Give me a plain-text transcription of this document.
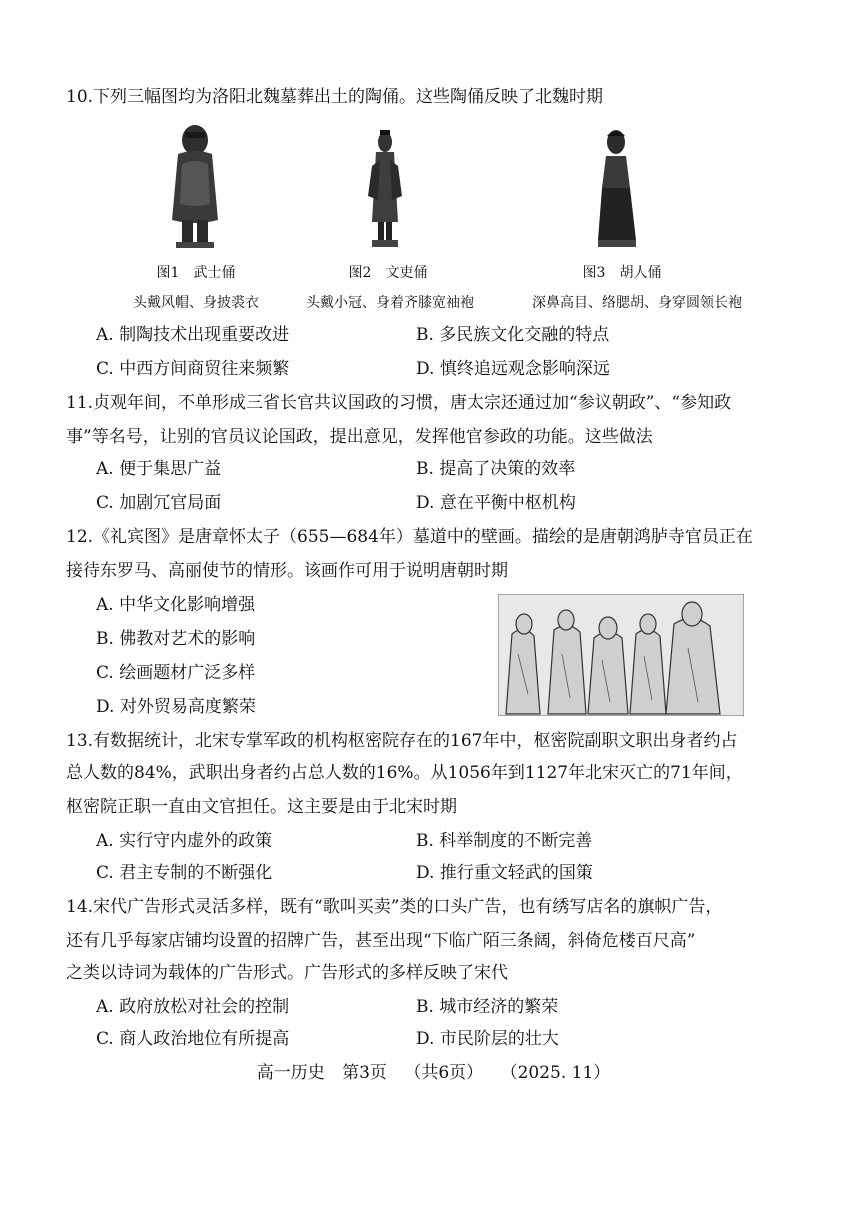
10.下列三幅图均为洛阳北魏墓葬出土的陶俑。这些陶俑反映了北魏时期
图1　武士俑	图2　文吏俑	图3　胡人俑
头戴风帽、身披裘衣	头戴小冠、身着齐膝宽袖袍	深鼻高目、络腮胡、身穿圆领长袍
A. 制陶技术出现重要改进	B. 多民族文化交融的特点
C. 中西方间商贸往来频繁	D. 慎终追远观念影响深远
11.贞观年间，不单形成三省长官共议国政的习惯，唐太宗还通过加“参议朝政”、“参知政
事”等名号，让别的官员议论国政，提出意见，发挥他官参政的功能。这些做法
A. 便于集思广益	B. 提高了决策的效率
C. 加剧冗官局面	D. 意在平衡中枢机构
12.《礼宾图》是唐章怀太子（655—684年）墓道中的壁画。描绘的是唐朝鸿胪寺官员正在
接待东罗马、高丽使节的情形。该画作可用于说明唐朝时期
A. 中华文化影响增强
B. 佛教对艺术的影响
C. 绘画题材广泛多样
D. 对外贸易高度繁荣
13.有数据统计，北宋专掌军政的机构枢密院存在的167年中，枢密院副职文职出身者约占
总人数的84%，武职出身者约占总人数的16%。从1056年到1127年北宋灭亡的71年间，
枢密院正职一直由文官担任。这主要是由于北宋时期
A. 实行守内虚外的政策	B. 科举制度的不断完善
C. 君主专制的不断强化	D. 推行重文轻武的国策
14.宋代广告形式灵活多样，既有“歌叫买卖”类的口头广告，也有绣写店名的旗帜广告，
还有几乎每家店铺均设置的招牌广告，甚至出现“下临广陌三条阔，斜倚危楼百尺高”
之类以诗词为载体的广告形式。广告形式的多样反映了宋代
A. 政府放松对社会的控制	B. 城市经济的繁荣
C. 商人政治地位有所提高	D. 市民阶层的壮大
高一历史 第3页 （共6页） （2025. 11）
